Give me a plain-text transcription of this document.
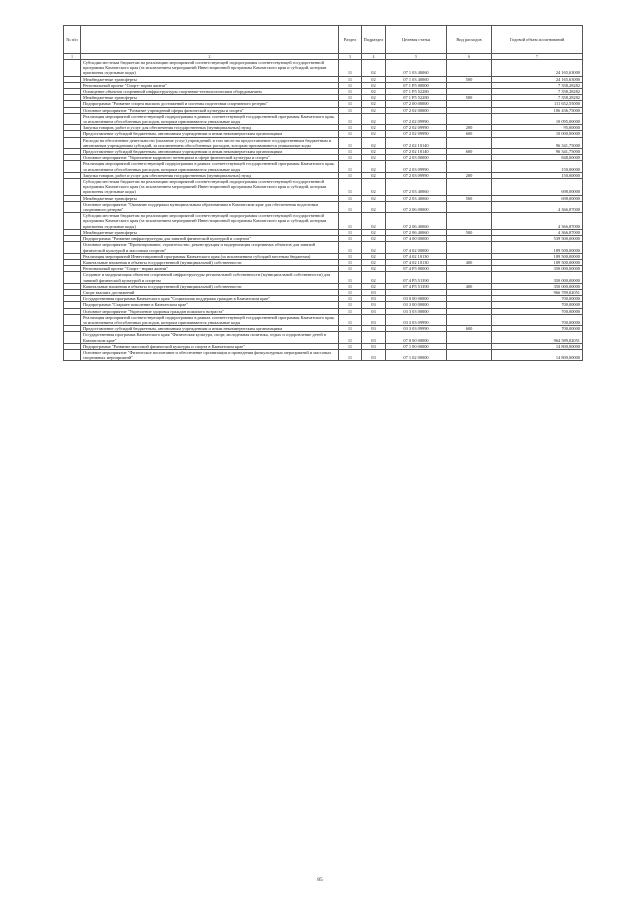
№ п/п		Раздел	Подраздел	Целевая статья	Вид расходов	Годовой объем ассигнований
1	2	3	4	5	6	7
	Субсидии местным бюджетам на реализацию мероприятий соответствующей подпрограммы соответствующей государственной программы Камчатского края (за исключением мероприятий Инвестиционной программы Камчатского края и субсидий, которым присвоены отдельные коды)	11	02	07 1 03 40060		24 165,63000
	Межбюджетные трансферты	11	02	07 1 03 40060	500	24 165,63000
	Региональный проект "Спорт- норма жизни"	11	02	07 1 P5 00000		7 358,28282
	Оснащение объектов спортивной инфраструктуры спортивно-технологическим оборудованием	11	02	07 1 P5 52280		7 358,28282
	Межбюджетные трансферты	11	02	07 1 P5 52280	500	7 358,28282
	Подпрограмма "Развитие спорта высших достижений и системы подготовки спортивного резерва"	11	02	07 2 00 00000		111 652,55000
	Основное мероприятие "Развитие учреждений сферы физической культуры и спорта"	11	02	07 2 02 00000		106 436,75000
	Реализация мероприятий соответствующей подпрограммы в рамках соответствующей государственной программы Камчатского края, за исключением обособленных расходов, которым присваиваются уникальные коды	11	02	07 2 02 09990		10 095,00000
	Закупка товаров, работ и услуг для обеспечения государственных (муниципальных) нужд	11	02	07 2 02 09990	200	95,00000
	Предоставление субсидий бюджетным, автономным учреждениям и иным некоммерческим организациям	11	02	07 2 02 09990	600	10 000,00000
	Расходы на обеспечение деятельности (оказание услуг) учреждений, в том числе на предоставление государственным бюджетным и автономным учреждениям субсидий, за исключением обособленных расходов, которым присваиваются уникальные коды	11	02	07 2 02 10140		96 341,75000
	Предоставление субсидий бюджетным, автономным учреждениям и иным некоммерческим организациям	11	02	07 2 02 10140	600	96 341,75000
	Основное мероприятие "Укрепление кадрового потенциала в сфере физической культуры и спорта"	11	02	07 2 03 00000		848,00000
	Реализация мероприятий соответствующей подпрограммы в рамках соответствующей государственной программы Камчатского края, за исключением обособленных расходов, которым присваиваются уникальные коды	11	02	07 2 03 09990		150,00000
	Закупка товаров, работ и услуг для обеспечения государственных (муниципальных) нужд	11	02	07 2 03 09990	200	150,00000
	Субсидии местным бюджетам на реализацию мероприятий соответствующей подпрограммы соответствующей государственной программы Камчатского края (за исключением мероприятий Инвестиционной программы Камчатского края и субсидий, которым присвоены отдельные коды)	11	02	07 2 03 40060		698,00000
	Межбюджетные трансферты	11	02	07 2 03 40060	500	698,00000
	Основное мероприятие "Оказание поддержки муниципальным образованиям в Камчатском крае для обеспечения подготовки спортивного резерва"	11	02	07 2 06 00000		4 366,87000
	Субсидии местным бюджетам на реализацию мероприятий соответствующей подпрограммы соответствующей государственной программы Камчатского края (за исключением мероприятий Инвестиционной программы Камчатского края и субсидий, которым присвоены отдельные коды)	11	02	07 2 06 40060		4 366,87000
	Межбюджетные трансферты	11	02	07 2 06 40060	500	4 366,87000
	Подпрограмма "Развитие инфраструктуры для занятий физической культурой и спортом"	11	02	07 4 00 00000		539 500,00000
	Основное мероприятие "Проектирование, строительство, реконструкция и модернизация спортивных объектов для занятий физической культурой и массовым спортом"	11	02	07 4 02 00000		189 500,00000
	Реализация мероприятий Инвестиционной программы Камчатского края (за исключением субсидий местным бюджетам)	11	02	07 4 02 10130		189 500,00000
	Капитальные вложения в объекты государственной (муниципальной) собственности	11	02	07 4 02 10130	400	189 500,00000
	Региональный проект "Спорт - норма жизни"	11	02	07 4 P5 00000		350 000,00000
	Создание и модернизация объектов спортивной инфраструктуры региональной собственности (муниципальной собственности) для занятий физической культурой и спортом	11	02	07 4 P5 51390		350 000,00000
	Капитальные вложения в объекты государственной (муниципальной) собственности	11	02	07 4 P5 51390	400	350 000,00000
	Спорт высших достижений	11	03			966 789,02051
	Государственная программа Камчатского края "Социальная поддержка граждан в Камчатском крае"	11	03	03 0 00 00000		700,00000
	Подпрограмма "Старшее поколение в Камчатском крае"	11	03	03 3 00 00000		700,00000
	Основное мероприятие "Укрепление здоровья граждан пожилого возраста"	11	03	03 3 03 00000		700,00000
	Реализация мероприятий соответствующей подпрограммы в рамках соответствующей государственной программы Камчатского края, за исключением обособленных расходов, которым присваиваются уникальные коды	11	03	03 3 03 09990		700,00000
	Предоставление субсидий бюджетным, автономным учреждениям и иным некоммерческим организациям	11	03	03 3 03 09990	600	700,00000
	Государственная программа Камчатского края "Физическая культура, спорт, молодежная политика, отдых и оздоровление детей в Камчатском крае"	11	03	07 0 00 00000		964 589,02051
	Подпрограмма "Развитие массовой физической культуры и спорта в Камчатском крае"	11	03	07 1 00 00000		14 800,00000
	Основное мероприятие "Физическое воспитание и обеспечение организации и проведения физкультурных мероприятий и массовых спортивных мероприятий"	11	03	07 1 02 00000		14 800,00000
85
